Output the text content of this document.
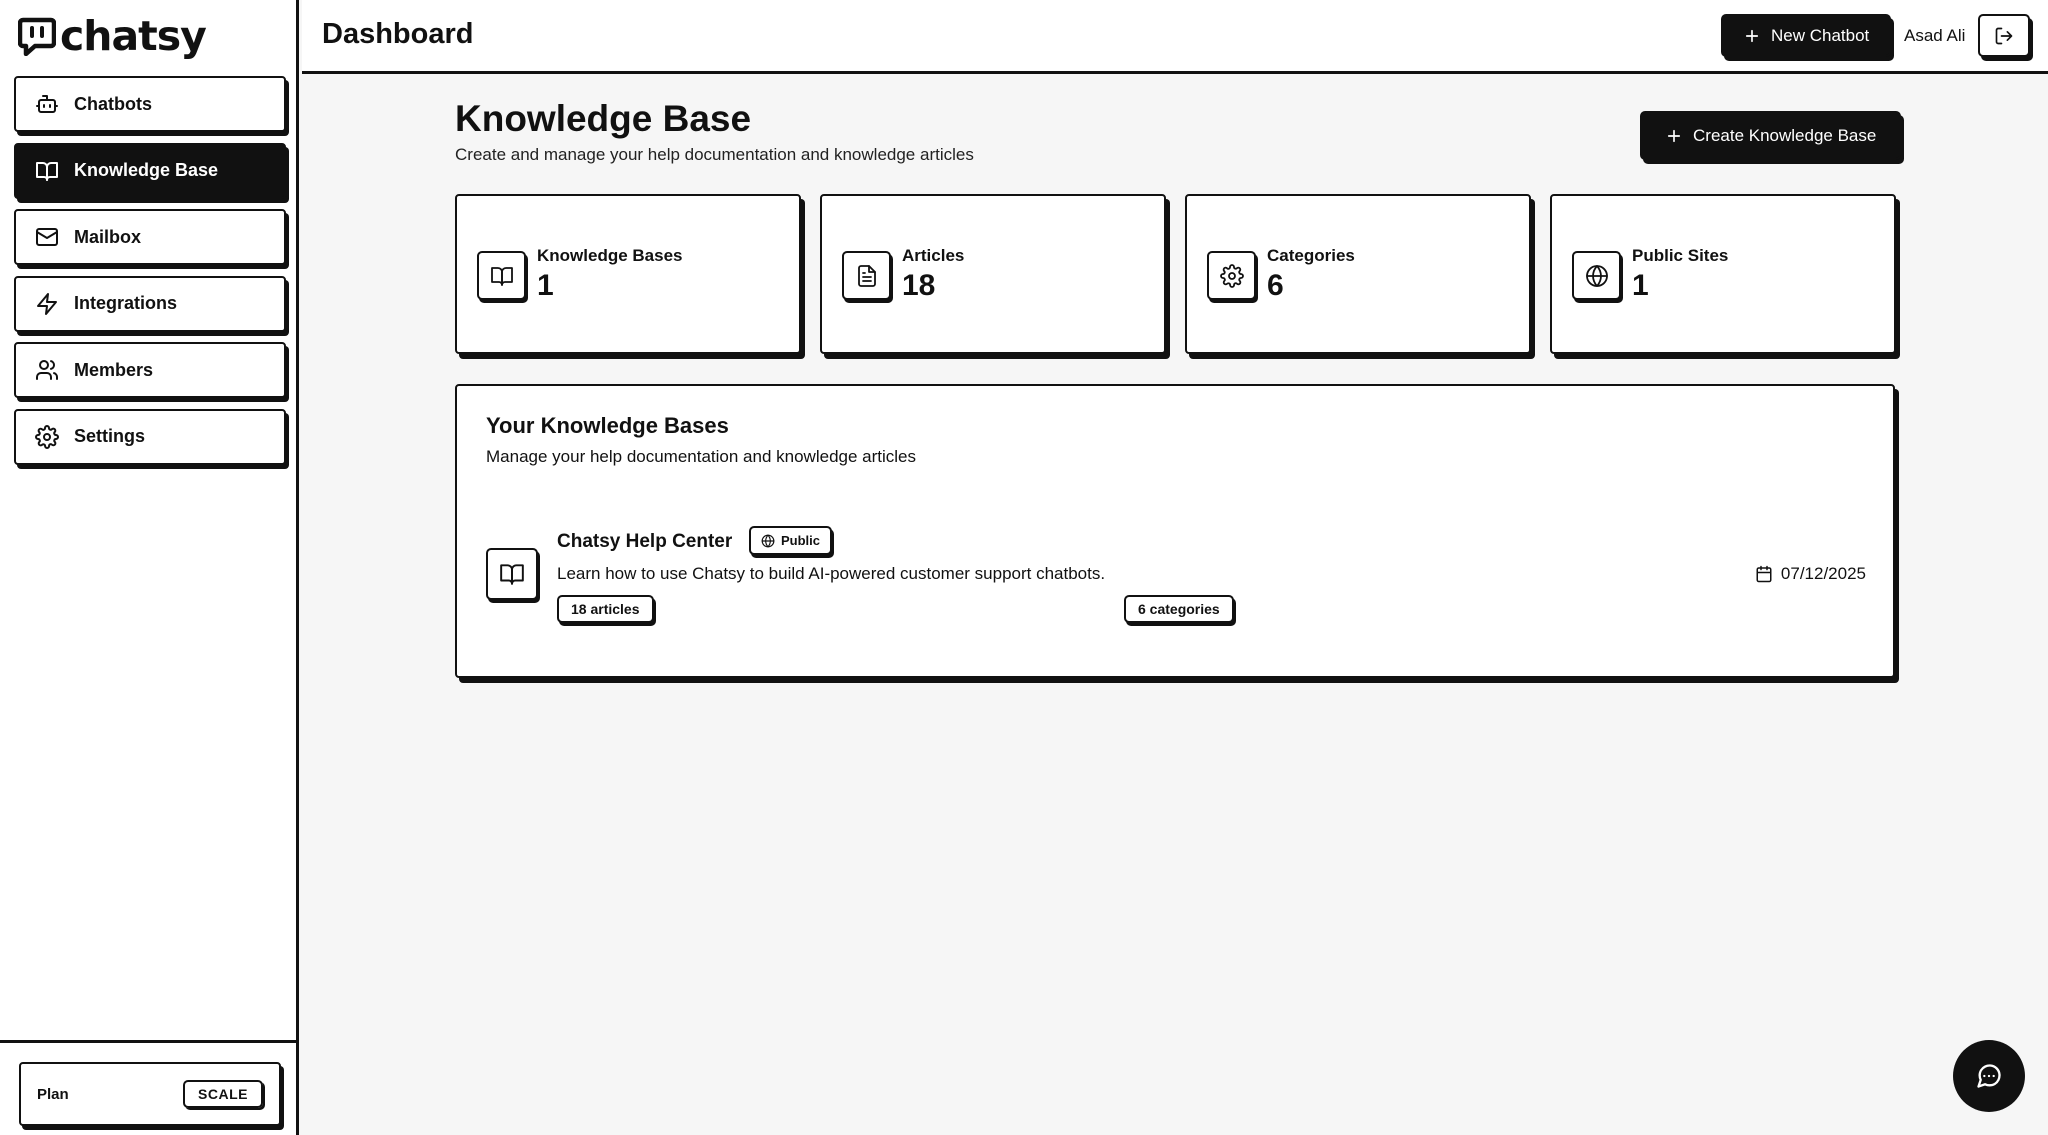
chatsy
Chatbots
Knowledge Base
Mailbox
Integrations
Members
Settings
Plan	SCALE
Dashboard	New Chatbot Asad Ali
Knowledge Base

Create and manage your help documentation and knowledge articles

Create Knowledge Base
Knowledge Bases
1
Articles
18
Categories
6
Public Sites
1
Your Knowledge Bases

Manage your help documentation and knowledge articles

Chatsy Help Center	Public
Learn how to use Chatsy to build AI-powered customer support chatbots.
18 articles	6 categories
07/12/2025
